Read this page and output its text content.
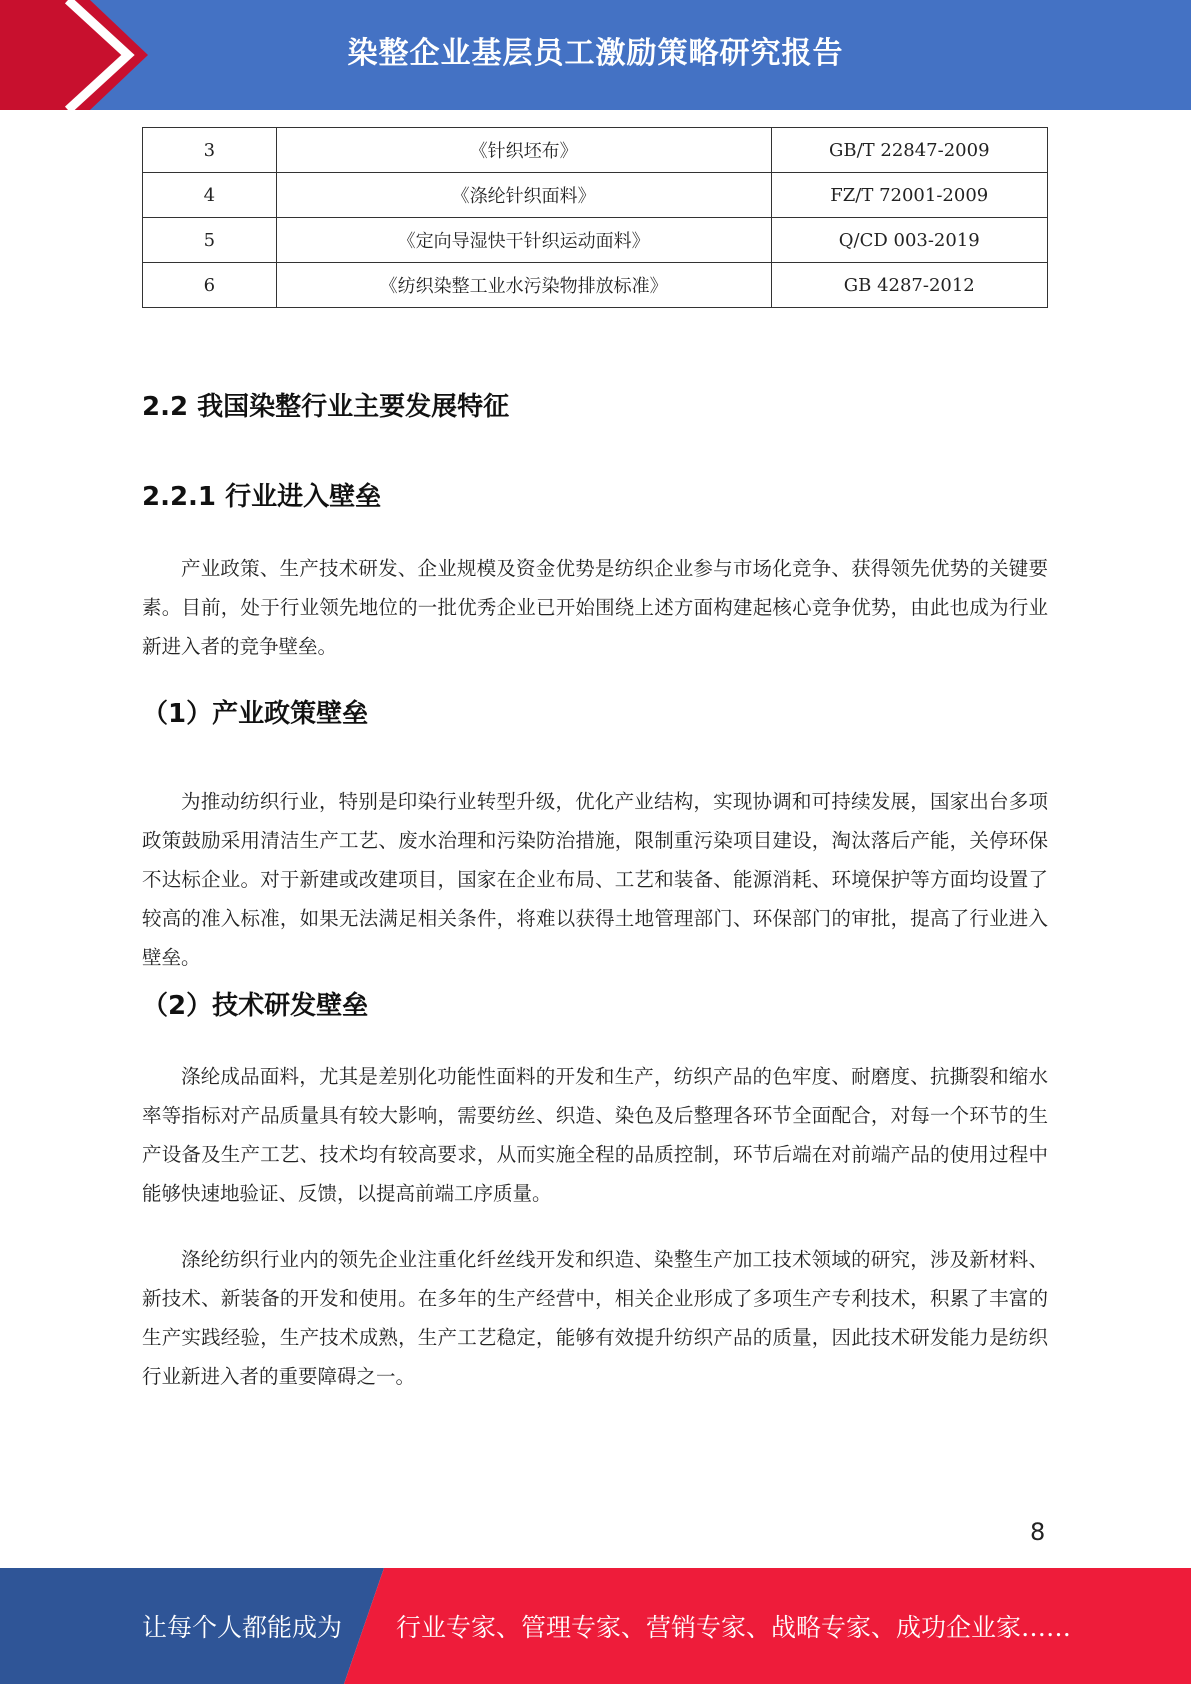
染整企业基层员工激励策略研究报告
3	《针织坯布》	GB/T 22847-2009
4	《涤纶针织面料》	FZ/T 72001-2009
5	《定向导湿快干针织运动面料》	Q/CD 003-2019
6	《纺织染整工业水污染物排放标准》	GB 4287-2012
2.2 我国染整行业主要发展特征
2.2.1 行业进入壁垒

产业政策、生产技术研发、企业规模及资金优势是纺织企业参与市场化竞争、获得领先优势的关键要素。目前，处于行业领先地位的一批优秀企业已开始围绕上述方面构建起核心竞争优势，由此也成为行业新进入者的竞争壁垒。

（1）产业政策壁垒

为推动纺织行业，特别是印染行业转型升级，优化产业结构，实现协调和可持续发展，国家出台多项政策鼓励采用清洁生产工艺、废水治理和污染防治措施，限制重污染项目建设，淘汰落后产能，关停环保不达标企业。对于新建或改建项目，国家在企业布局、工艺和装备、能源消耗、环境保护等方面均设置了较高的准入标准，如果无法满足相关条件，将难以获得土地管理部门、环保部门的审批，提高了行业进入壁垒。

（2）技术研发壁垒

涤纶成品面料，尤其是差别化功能性面料的开发和生产，纺织产品的色牢度、耐磨度、抗撕裂和缩水率等指标对产品质量具有较大影响，需要纺丝、织造、染色及后整理各环节全面配合，对每一个环节的生产设备及生产工艺、技术均有较高要求，从而实施全程的品质控制，环节后端在对前端产品的使用过程中能够快速地验证、反馈，以提高前端工序质量。

涤纶纺织行业内的领先企业注重化纤丝线开发和织造、染整生产加工技术领域的研究，涉及新材料、新技术、新装备的开发和使用。在多年的生产经营中，相关企业形成了多项生产专利技术，积累了丰富的生产实践经验，生产技术成熟，生产工艺稳定，能够有效提升纺织产品的质量，因此技术研发能力是纺织行业新进入者的重要障碍之一。

8
让每个人都能成为 行业专家、管理专家、营销专家、战略专家、成功企业家……
